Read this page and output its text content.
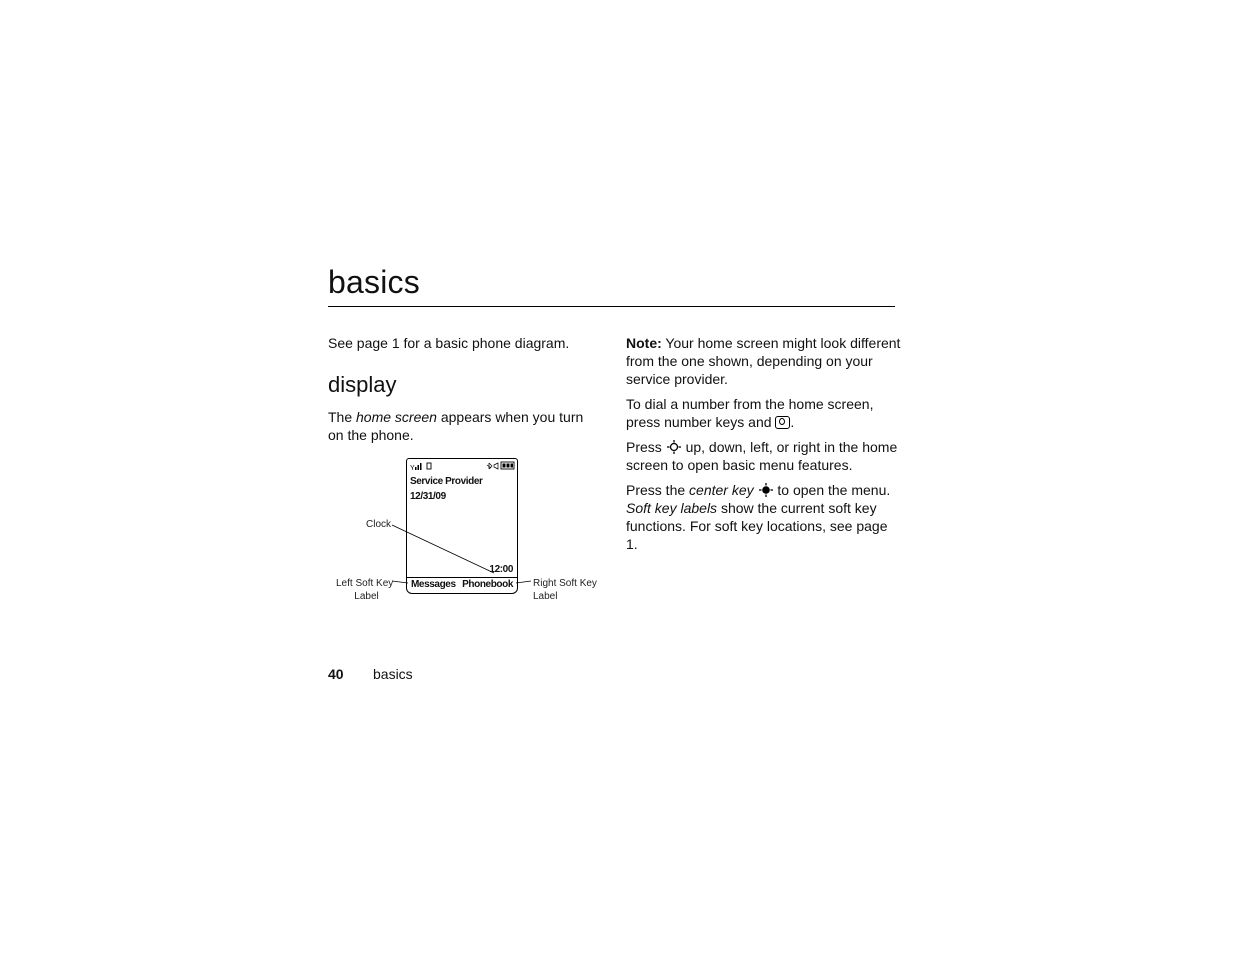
basics

See page 1 for a basic phone diagram.

display

The home screen appears when you turn on the phone.

Y
Service Provider
12/31/09
12:00
Messages Phonebook
Clock
Left Soft Key
Label
Right Soft Key
Label

Note: Your home screen might look different from the one shown, depending on your service provider.

To dial a number from the home screen, press number keys and
.

Press  up, down, left, or right in the home screen to open basic menu features.

Press the center key  to open the menu. Soft key labels show the current soft key functions. For soft key locations, see page 1.

40 basics
